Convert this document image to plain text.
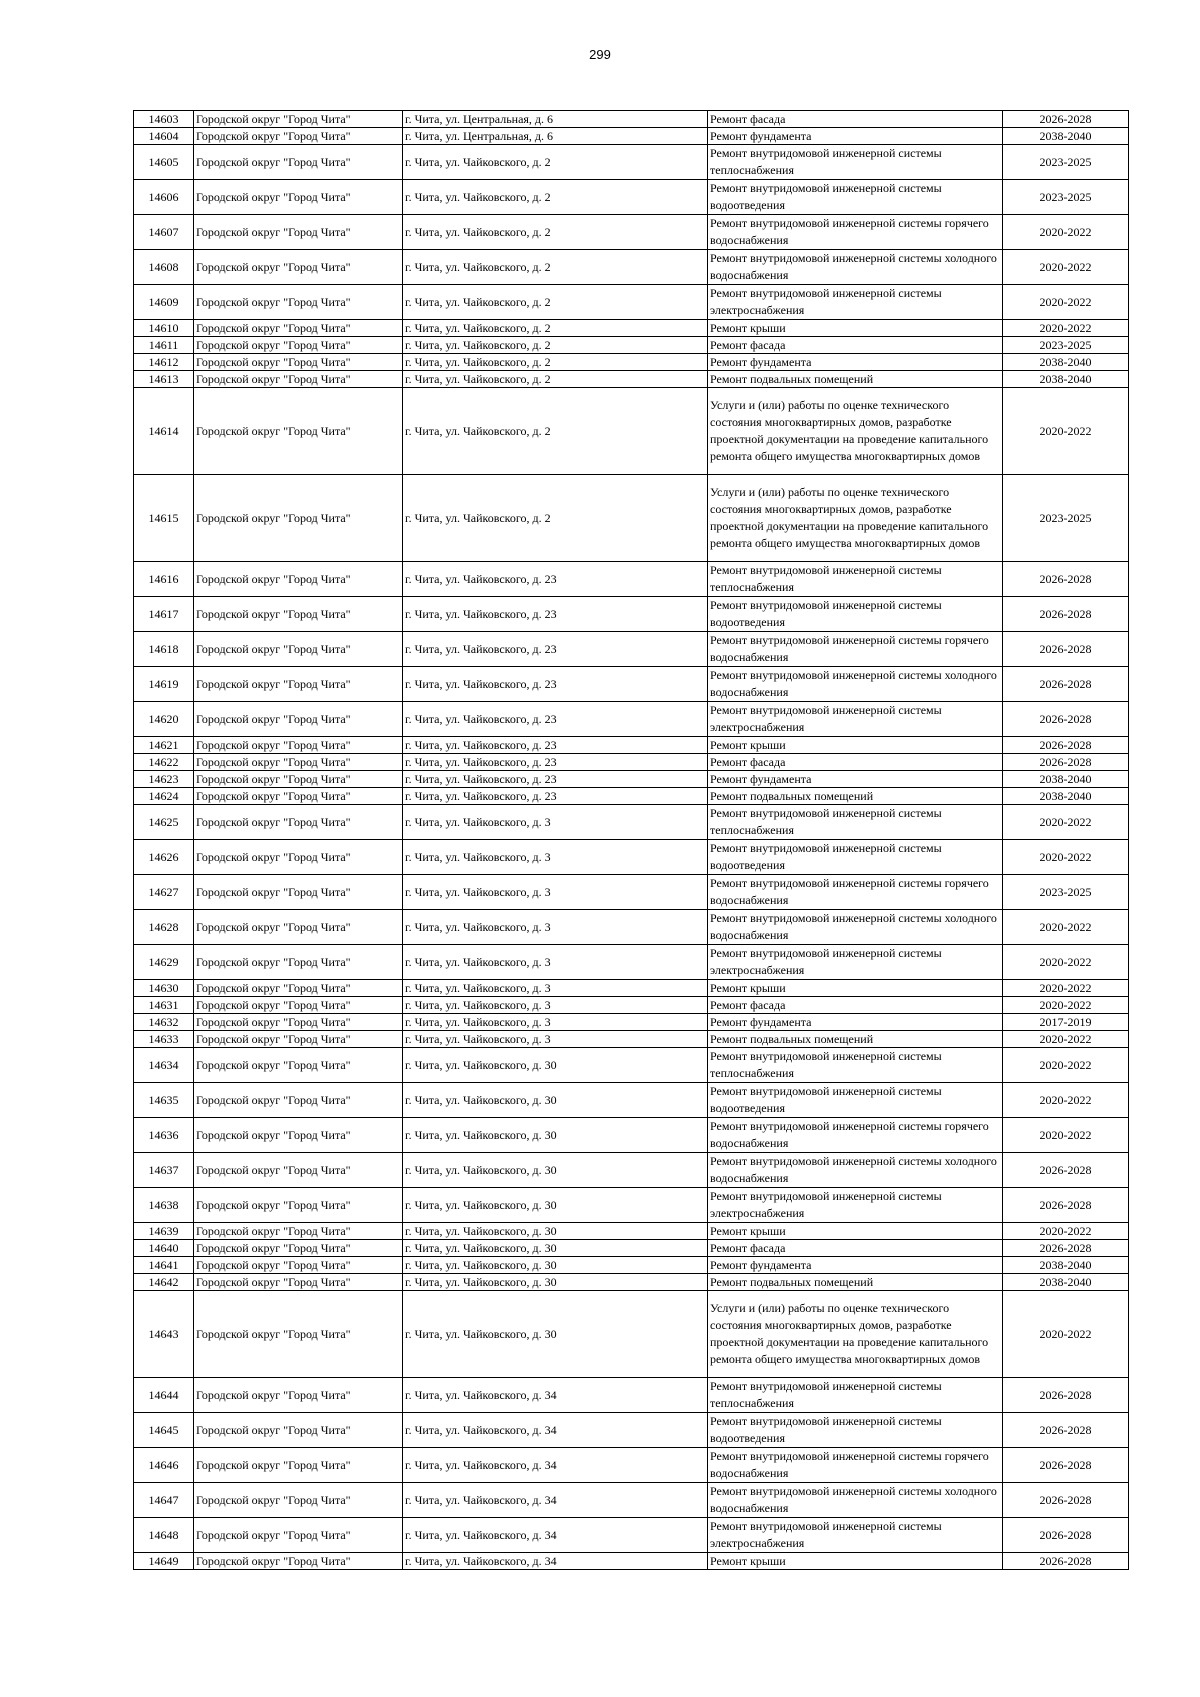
299
14603	Городской округ "Город Чита"	г. Чита, ул. Центральная, д. 6	Ремонт фасада	2026-2028
14604	Городской округ "Город Чита"	г. Чита, ул. Центральная, д. 6	Ремонт фундамента	2038-2040
14605	Городской округ "Город Чита"	г. Чита, ул. Чайковского, д. 2	Ремонт внутридомовой инженерной системы теплоснабжения	2023-2025
14606	Городской округ "Город Чита"	г. Чита, ул. Чайковского, д. 2	Ремонт внутридомовой инженерной системы водоотведения	2023-2025
14607	Городской округ "Город Чита"	г. Чита, ул. Чайковского, д. 2	Ремонт внутридомовой инженерной системы горячего водоснабжения	2020-2022
14608	Городской округ "Город Чита"	г. Чита, ул. Чайковского, д. 2	Ремонт внутридомовой инженерной системы холодного водоснабжения	2020-2022
14609	Городской округ "Город Чита"	г. Чита, ул. Чайковского, д. 2	Ремонт внутридомовой инженерной системы электроснабжения	2020-2022
14610	Городской округ "Город Чита"	г. Чита, ул. Чайковского, д. 2	Ремонт крыши	2020-2022
14611	Городской округ "Город Чита"	г. Чита, ул. Чайковского, д. 2	Ремонт фасада	2023-2025
14612	Городской округ "Город Чита"	г. Чита, ул. Чайковского, д. 2	Ремонт фундамента	2038-2040
14613	Городской округ "Город Чита"	г. Чита, ул. Чайковского, д. 2	Ремонт подвальных помещений	2038-2040
14614	Городской округ "Город Чита"	г. Чита, ул. Чайковского, д. 2	Услуги и (или) работы по оценке технического состояния многоквартирных домов, разработке проектной документации на проведение капитального ремонта общего имущества многоквартирных домов	2020-2022
14615	Городской округ "Город Чита"	г. Чита, ул. Чайковского, д. 2	Услуги и (или) работы по оценке технического состояния многоквартирных домов, разработке проектной документации на проведение капитального ремонта общего имущества многоквартирных домов	2023-2025
14616	Городской округ "Город Чита"	г. Чита, ул. Чайковского, д. 23	Ремонт внутридомовой инженерной системы теплоснабжения	2026-2028
14617	Городской округ "Город Чита"	г. Чита, ул. Чайковского, д. 23	Ремонт внутридомовой инженерной системы водоотведения	2026-2028
14618	Городской округ "Город Чита"	г. Чита, ул. Чайковского, д. 23	Ремонт внутридомовой инженерной системы горячего водоснабжения	2026-2028
14619	Городской округ "Город Чита"	г. Чита, ул. Чайковского, д. 23	Ремонт внутридомовой инженерной системы холодного водоснабжения	2026-2028
14620	Городской округ "Город Чита"	г. Чита, ул. Чайковского, д. 23	Ремонт внутридомовой инженерной системы электроснабжения	2026-2028
14621	Городской округ "Город Чита"	г. Чита, ул. Чайковского, д. 23	Ремонт крыши	2026-2028
14622	Городской округ "Город Чита"	г. Чита, ул. Чайковского, д. 23	Ремонт фасада	2026-2028
14623	Городской округ "Город Чита"	г. Чита, ул. Чайковского, д. 23	Ремонт фундамента	2038-2040
14624	Городской округ "Город Чита"	г. Чита, ул. Чайковского, д. 23	Ремонт подвальных помещений	2038-2040
14625	Городской округ "Город Чита"	г. Чита, ул. Чайковского, д. 3	Ремонт внутридомовой инженерной системы теплоснабжения	2020-2022
14626	Городской округ "Город Чита"	г. Чита, ул. Чайковского, д. 3	Ремонт внутридомовой инженерной системы водоотведения	2020-2022
14627	Городской округ "Город Чита"	г. Чита, ул. Чайковского, д. 3	Ремонт внутридомовой инженерной системы горячего водоснабжения	2023-2025
14628	Городской округ "Город Чита"	г. Чита, ул. Чайковского, д. 3	Ремонт внутридомовой инженерной системы холодного водоснабжения	2020-2022
14629	Городской округ "Город Чита"	г. Чита, ул. Чайковского, д. 3	Ремонт внутридомовой инженерной системы электроснабжения	2020-2022
14630	Городской округ "Город Чита"	г. Чита, ул. Чайковского, д. 3	Ремонт крыши	2020-2022
14631	Городской округ "Город Чита"	г. Чита, ул. Чайковского, д. 3	Ремонт фасада	2020-2022
14632	Городской округ "Город Чита"	г. Чита, ул. Чайковского, д. 3	Ремонт фундамента	2017-2019
14633	Городской округ "Город Чита"	г. Чита, ул. Чайковского, д. 3	Ремонт подвальных помещений	2020-2022
14634	Городской округ "Город Чита"	г. Чита, ул. Чайковского, д. 30	Ремонт внутридомовой инженерной системы теплоснабжения	2020-2022
14635	Городской округ "Город Чита"	г. Чита, ул. Чайковского, д. 30	Ремонт внутридомовой инженерной системы водоотведения	2020-2022
14636	Городской округ "Город Чита"	г. Чита, ул. Чайковского, д. 30	Ремонт внутридомовой инженерной системы горячего водоснабжения	2020-2022
14637	Городской округ "Город Чита"	г. Чита, ул. Чайковского, д. 30	Ремонт внутридомовой инженерной системы холодного водоснабжения	2026-2028
14638	Городской округ "Город Чита"	г. Чита, ул. Чайковского, д. 30	Ремонт внутридомовой инженерной системы электроснабжения	2026-2028
14639	Городской округ "Город Чита"	г. Чита, ул. Чайковского, д. 30	Ремонт крыши	2020-2022
14640	Городской округ "Город Чита"	г. Чита, ул. Чайковского, д. 30	Ремонт фасада	2026-2028
14641	Городской округ "Город Чита"	г. Чита, ул. Чайковского, д. 30	Ремонт фундамента	2038-2040
14642	Городской округ "Город Чита"	г. Чита, ул. Чайковского, д. 30	Ремонт подвальных помещений	2038-2040
14643	Городской округ "Город Чита"	г. Чита, ул. Чайковского, д. 30	Услуги и (или) работы по оценке технического состояния многоквартирных домов, разработке проектной документации на проведение капитального ремонта общего имущества многоквартирных домов	2020-2022
14644	Городской округ "Город Чита"	г. Чита, ул. Чайковского, д. 34	Ремонт внутридомовой инженерной системы теплоснабжения	2026-2028
14645	Городской округ "Город Чита"	г. Чита, ул. Чайковского, д. 34	Ремонт внутридомовой инженерной системы водоотведения	2026-2028
14646	Городской округ "Город Чита"	г. Чита, ул. Чайковского, д. 34	Ремонт внутридомовой инженерной системы горячего водоснабжения	2026-2028
14647	Городской округ "Город Чита"	г. Чита, ул. Чайковского, д. 34	Ремонт внутридомовой инженерной системы холодного водоснабжения	2026-2028
14648	Городской округ "Город Чита"	г. Чита, ул. Чайковского, д. 34	Ремонт внутридомовой инженерной системы электроснабжения	2026-2028
14649	Городской округ "Город Чита"	г. Чита, ул. Чайковского, д. 34	Ремонт крыши	2026-2028
